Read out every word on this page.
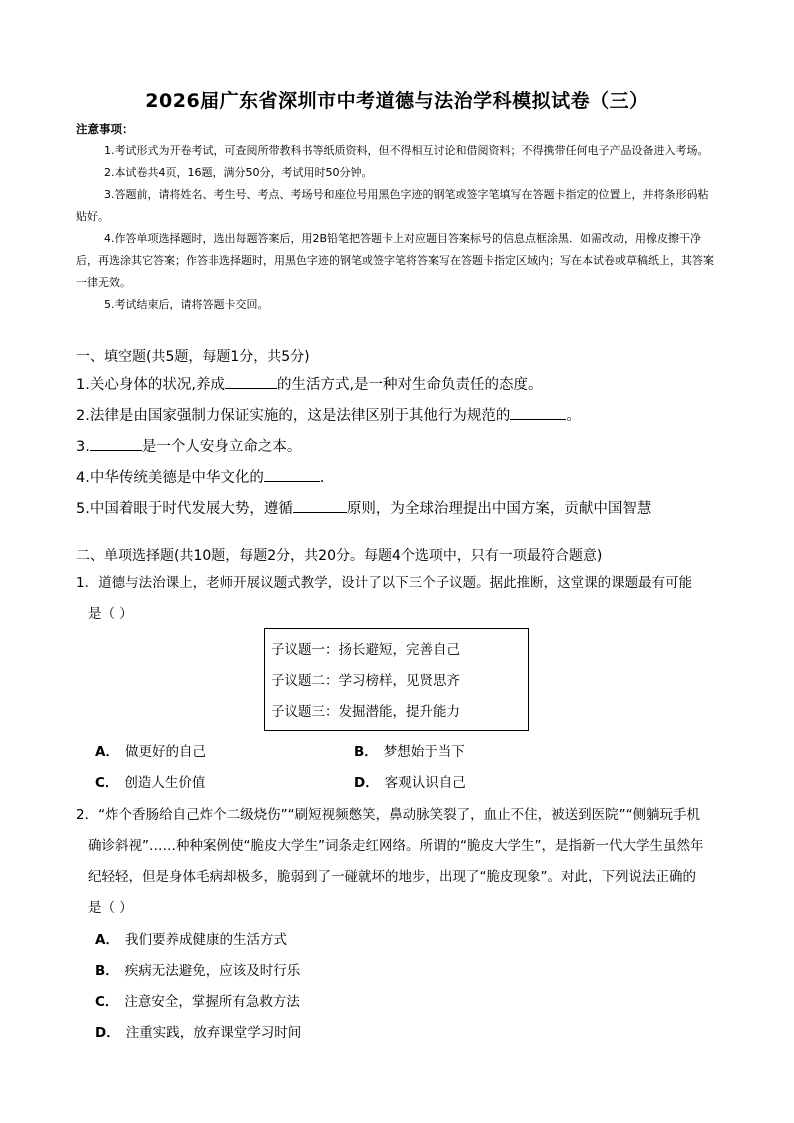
2026届广东省深圳市中考道德与法治学科模拟试卷（三）
注意事项：

1.考试形式为开卷考试，可查阅所带教科书等纸质资料，但不得相互讨论和借阅资料；不得携带任何电子产品设备进入考场。

2.本试卷共4页，16题，满分50分，考试用时50分钟。

3.答题前，请将姓名、考生号、考点、考场号和座位号用黑色字迹的钢笔或签字笔填写在答题卡指定的位置上，并将条形码粘贴好。

4.作答单项选择题时，选出每题答案后，用2B铅笔把答题卡上对应题目答案标号的信息点框涂黑．如需改动，用橡皮擦干净后，再选涂其它答案；作答非选择题时，用黑色字迹的钢笔或签字笔将答案写在答题卡指定区域内；写在本试卷或草稿纸上，其答案一律无效。

5.考试结束后，请将答题卡交回。

一、填空题(共5题，每题1分，共5分)
1.关心身体的状况,养成	的生活方式,是一种对生命负责任的态度。
2.法律是由国家强制力保证实施的，这是法律区别于其他行为规范的	。
3.	是一个人安身立命之本。
4.中华传统美德是中华文化的	.
5.中国着眼于时代发展大势，遵循	原则，为全球治理提出中国方案，贡献中国智慧
二、单项选择题(共10题，每题2分，共20分。每题4个选项中，只有一项最符合题意)
1．道德与法治课上，老师开展议题式教学，设计了以下三个子议题。据此推断，这堂课的课题最有可能
是（ ）
子议题一：扬长避短，完善自己
子议题二：学习榜样，见贤思齐
子议题三：发掘潜能，提升能力
A． 做更好的自己	B． 梦想始于当下
C． 创造人生价值	D． 客观认识自己
2．“炸个香肠给自己炸个二级烧伤”“刷短视频憋笑，鼻动脉笑裂了，血止不住，被送到医院”“侧躺玩手机
确诊斜视”……种种案例使“脆皮大学生”词条走红网络。所谓的“脆皮大学生”，是指新一代大学生虽然年
纪轻轻，但是身体毛病却极多，脆弱到了一碰就坏的地步，出现了“脆皮现象”。对此，下列说法正确的
是（ ）
A． 我们要养成健康的生活方式
B． 疾病无法避免，应该及时行乐
C． 注意安全，掌握所有急救方法
D． 注重实践，放弃课堂学习时间
